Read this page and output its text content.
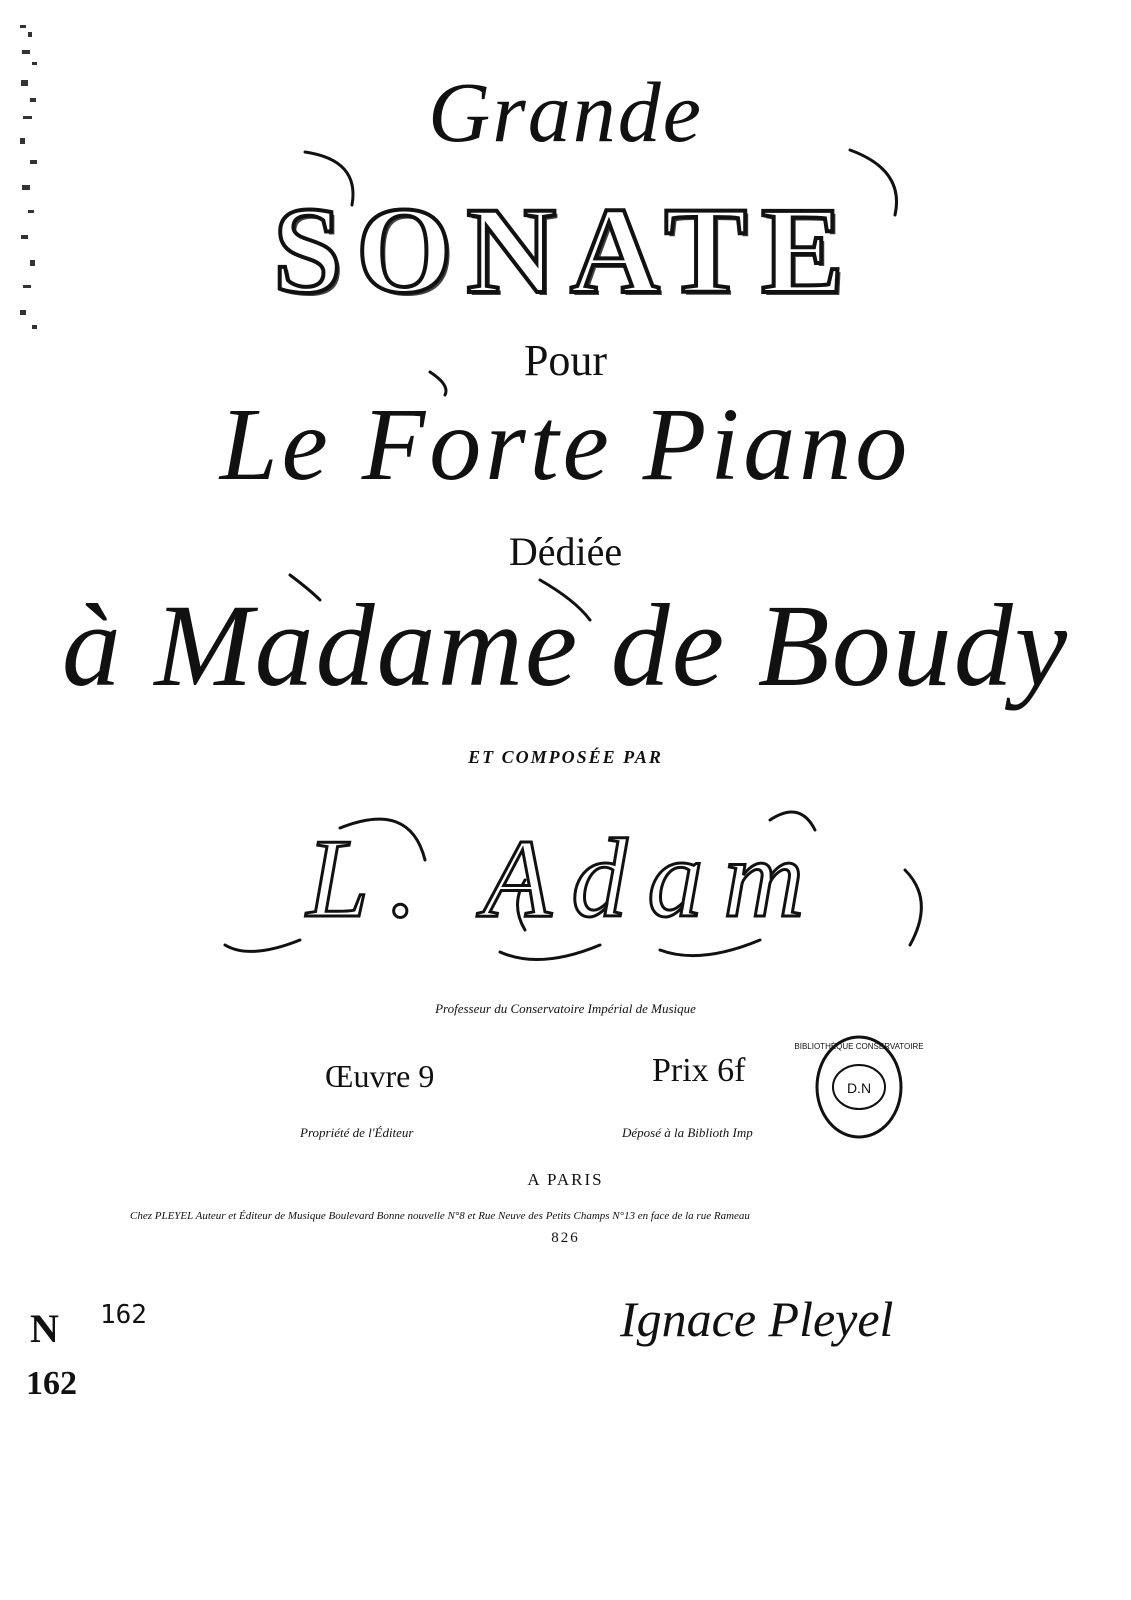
Grande
SONATE
Pour
Le Forte Piano
Dédiée
à Madame de Boudy
ET COMPOSÉE PAR
L. Adam
Professeur du Conservatoire Impérial de Musique
Œuvre 9	Prix 6f	D.N
BIBLIOTHÈQUE CONSERVATOIRE
Propriété de l'Éditeur	Déposé à la Biblioth Imp
A PARIS
Chez PLEYEL Auteur et Éditeur de Musique Boulevard Bonne nouvelle N°8 et Rue Neuve des Petits Champs N°13 en face de la rue Rameau
826
N 162
162
Ignace Pleyel
